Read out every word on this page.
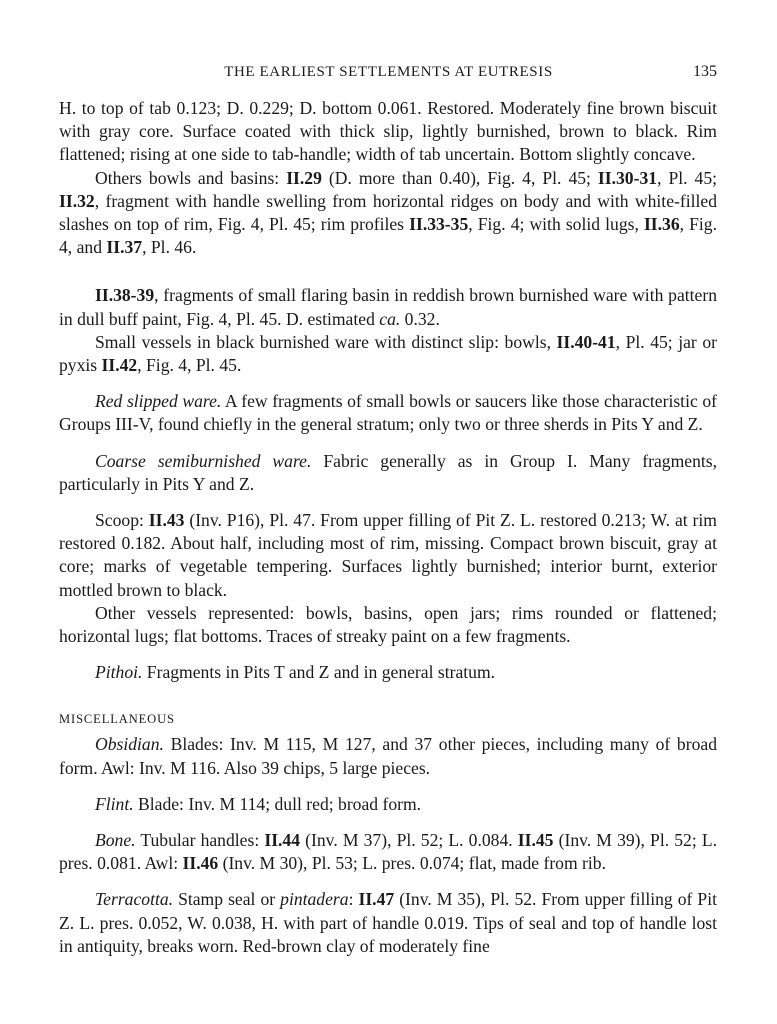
THE EARLIEST SETTLEMENTS AT EUTRESIS	135

H. to top of tab 0.123; D. 0.229; D. bottom 0.061. Restored. Moderately fine brown biscuit with gray core. Surface coated with thick slip, lightly burnished, brown to black. Rim flattened; rising at one side to tab-handle; width of tab uncertain. Bottom slightly concave.

Others bowls and basins: II.29 (D. more than 0.40), Fig. 4, Pl. 45; II.30-31, Pl. 45; II.32, fragment with handle swelling from horizontal ridges on body and with white-filled slashes on top of rim, Fig. 4, Pl. 45; rim profiles II.33-35, Fig. 4; with solid lugs, II.36, Fig. 4, and II.37, Pl. 46.

II.38-39, fragments of small flaring basin in reddish brown burnished ware with pattern in dull buff paint, Fig. 4, Pl. 45. D. estimated ca. 0.32.

Small vessels in black burnished ware with distinct slip: bowls, II.40-41, Pl. 45; jar or pyxis II.42, Fig. 4, Pl. 45.

Red slipped ware. A few fragments of small bowls or saucers like those characteristic of Groups III-V, found chiefly in the general stratum; only two or three sherds in Pits Y and Z.

Coarse semiburnished ware. Fabric generally as in Group I. Many fragments, particularly in Pits Y and Z.

Scoop: II.43 (Inv. P16), Pl. 47. From upper filling of Pit Z. L. restored 0.213; W. at rim restored 0.182. About half, including most of rim, missing. Compact brown biscuit, gray at core; marks of vegetable tempering. Surfaces lightly burnished; interior burnt, exterior mottled brown to black.

Other vessels represented: bowls, basins, open jars; rims rounded or flattened; horizontal lugs; flat bottoms. Traces of streaky paint on a few fragments.

Pithoi. Fragments in Pits T and Z and in general stratum.

MISCELLANEOUS

Obsidian. Blades: Inv. M 115, M 127, and 37 other pieces, including many of broad form. Awl: Inv. M 116. Also 39 chips, 5 large pieces.

Flint. Blade: Inv. M 114; dull red; broad form.

Bone. Tubular handles: II.44 (Inv. M 37), Pl. 52; L. 0.084. II.45 (Inv. M 39), Pl. 52; L. pres. 0.081. Awl: II.46 (Inv. M 30), Pl. 53; L. pres. 0.074; flat, made from rib.

Terracotta. Stamp seal or pintadera: II.47 (Inv. M 35), Pl. 52. From upper filling of Pit Z. L. pres. 0.052, W. 0.038, H. with part of handle 0.019. Tips of seal and top of handle lost in antiquity, breaks worn. Red-brown clay of moderately fine
